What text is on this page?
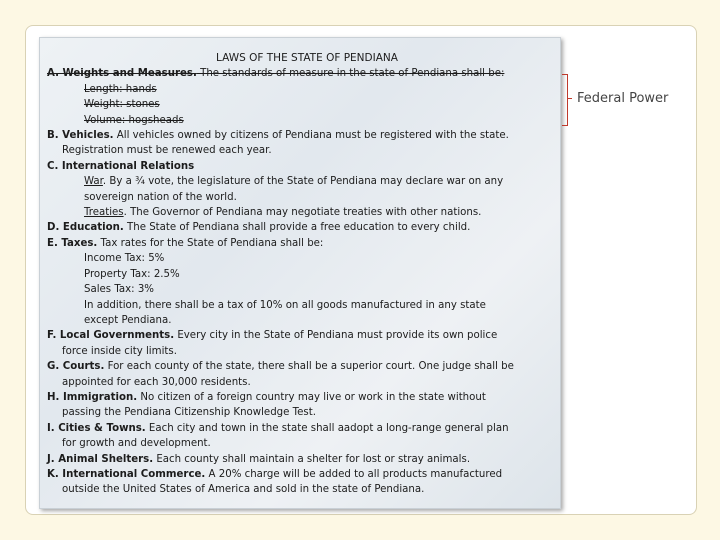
LAWS OF THE STATE OF PENDIANA
A. Weights and Measures. The standards of measure in the state of Pendiana shall be:
Length: hands
Weight: stones
Volume: hogsheads
B. Vehicles. All vehicles owned by citizens of Pendiana must be registered with the state.
Registration must be renewed each year.
C. International Relations
War. By a ¾ vote, the legislature of the State of Pendiana may declare war on any
sovereign nation of the world.
Treaties. The Governor of Pendiana may negotiate treaties with other nations.
D. Education. The State of Pendiana shall provide a free education to every child.
E. Taxes. Tax rates for the State of Pendiana shall be:
Income Tax: 5%
Property Tax: 2.5%
Sales Tax: 3%
In addition, there shall be a tax of 10% on all goods manufactured in any state
except Pendiana.
F. Local Governments. Every city in the State of Pendiana must provide its own police
force inside city limits.
G. Courts. For each county of the state, there shall be a superior court. One judge shall be
appointed for each 30,000 residents.
H. Immigration. No citizen of a foreign country may live or work in the state without
passing the Pendiana Citizenship Knowledge Test.
I. Cities & Towns. Each city and town in the state shall aadopt a long-range general plan
for growth and development.
J. Animal Shelters. Each county shall maintain a shelter for lost or stray animals.
K. International Commerce. A 20% charge will be added to all products manufactured
outside the United States of America and sold in the state of Pendiana.
Federal Power
